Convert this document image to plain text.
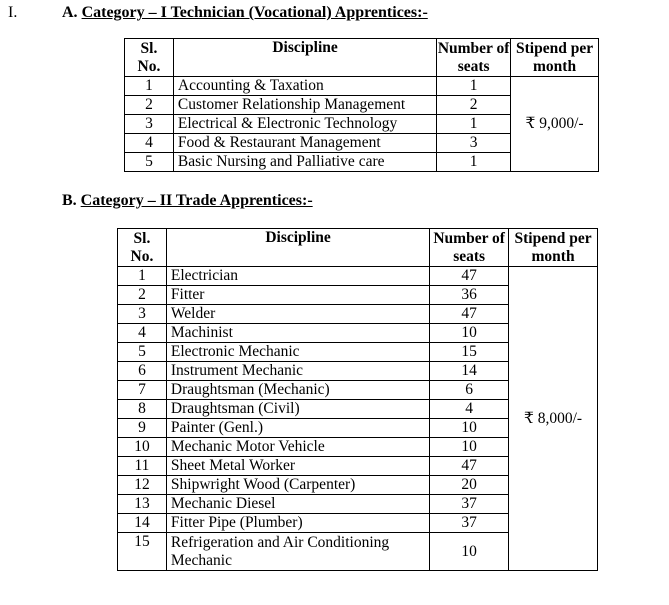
I.	A. Category – I Technician (Vocational) Apprentices:-
Sl.
No.	Discipline	Number of seats	Stipend per month
1	Accounting & Taxation	1	₹ 9,000/-
2	Customer Relationship Management	2	
3	Electrical & Electronic Technology	1	
4	Food & Restaurant Management	3	
5	Basic Nursing and Palliative care	1	
B. Category – II Trade Apprentices:-
Sl.
No.	Discipline	Number of seats	Stipend per month
1	Electrician	47	₹ 8,000/-
2	Fitter	36	
3	Welder	47	
4	Machinist	10	
5	Electronic Mechanic	15	
6	Instrument Mechanic	14	
7	Draughtsman (Mechanic)	6	
8	Draughtsman (Civil)	4	
9	Painter (Genl.)	10	
10	Mechanic Motor Vehicle	10	
11	Sheet Metal Worker	47	
12	Shipwright Wood (Carpenter)	20	
13	Mechanic Diesel	37	
14	Fitter Pipe (Plumber)	37	
15	Refrigeration and Air Conditioning Mechanic	10	
